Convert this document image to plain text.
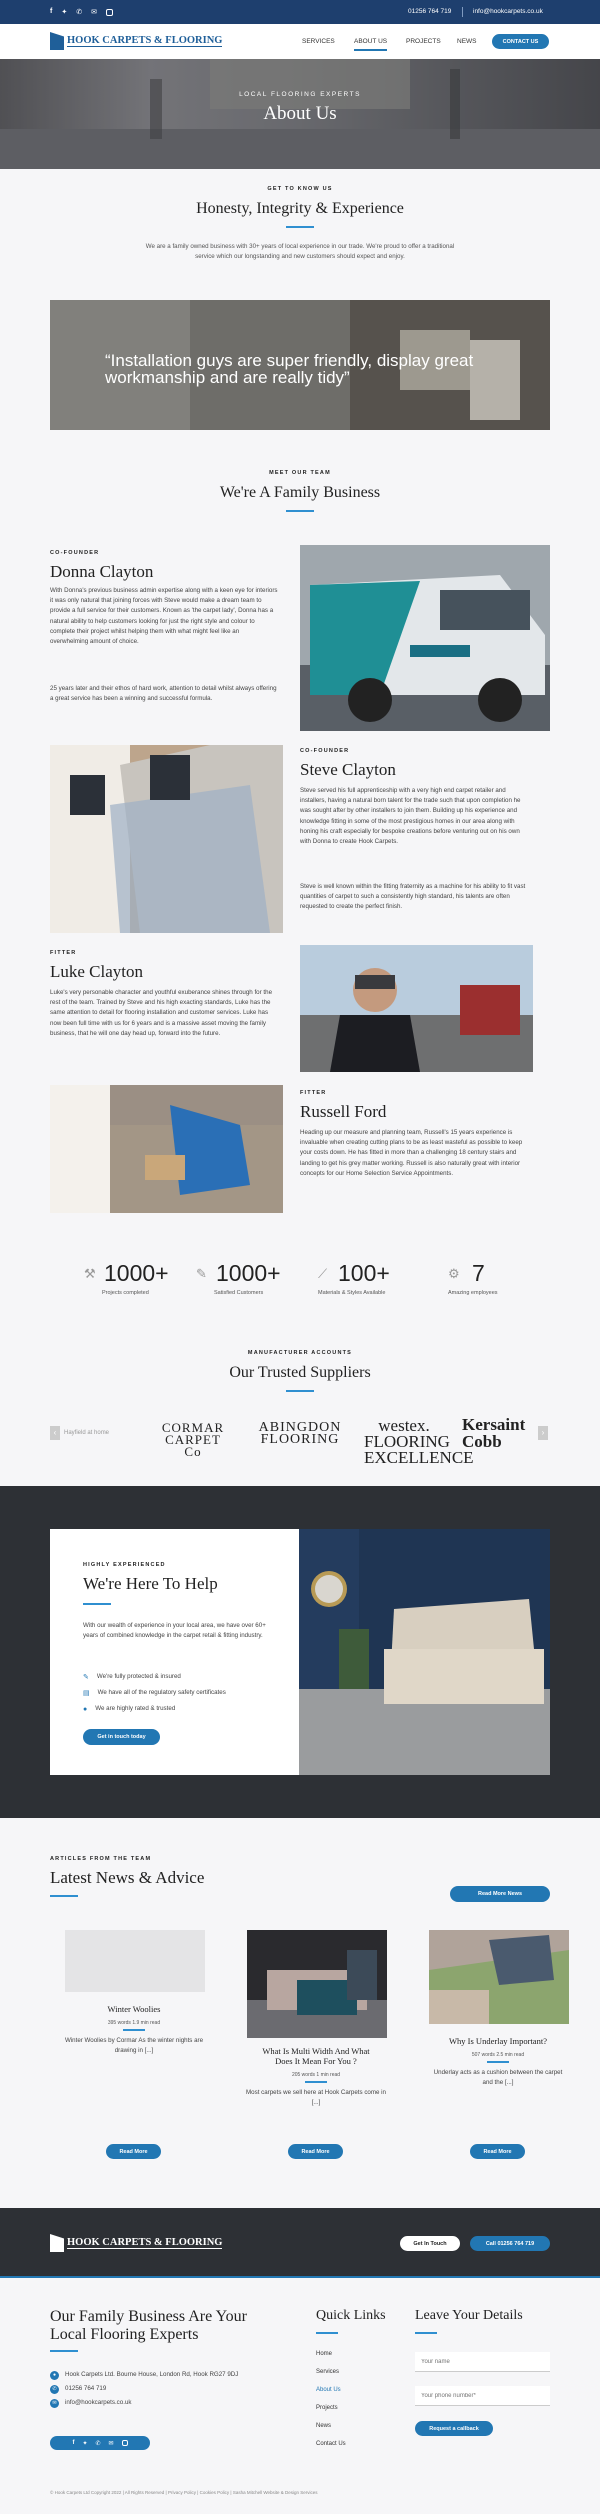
f ✦ ✆ ✉	01256 764 719	info@hookcarpets.co.uk
HOOK CARPETS & FLOORING	SERVICES	ABOUT US	PROJECTS	NEWS	CONTACT US
LOCAL FLOORING EXPERTS
About Us
GET TO KNOW US
Honesty, Integrity & Experience
We are a family owned business with 30+ years of local experience in our trade. We're proud to offer a traditional service which our longstanding and new customers should expect and enjoy.
“Installation guys are super friendly, display great workmanship and are really tidy”
MEET OUR TEAM
We're A Family Business
CO-FOUNDER
Donna Clayton
With Donna's previous business admin expertise along with a keen eye for interiors it was only natural that joining forces with Steve would make a dream team to provide a full service for their customers. Known as 'the carpet lady', Donna has a natural ability to help customers looking for just the right style and colour to complete their project whilst helping them with what might feel like an overwhelming amount of choice.
25 years later and their ethos of hard work, attention to detail whilst always offering a great service has been a winning and successful formula.
CO-FOUNDER
Steve Clayton
Steve served his full apprenticeship with a very high end carpet retailer and installers, having a natural born talent for the trade such that upon completion he was sought after by other installers to join them. Building up his experience and knowledge fitting in some of the most prestigious homes in our area along with honing his craft especially for bespoke creations before venturing out on his own with Donna to create Hook Carpets.
Steve is well known within the fitting fraternity as a machine for his ability to fit vast quantities of carpet to such a consistently high standard, his talents are often requested to create the perfect finish.
FITTER
Luke Clayton
Luke's very personable character and youthful exuberance shines through for the rest of the team. Trained by Steve and his high exacting standards, Luke has the same attention to detail for flooring installation and customer services. Luke has now been full time with us for 6 years and is a massive asset moving the family business, that he will one day head up, forward into the future.
FITTER
Russell Ford
Heading up our measure and planning team, Russell's 15 years experience is invaluable when creating cutting plans to be as least wasteful as possible to keep your costs down. He has fitted in more than a challenging 18 century stairs and landing to get his grey matter working. Russell is also naturally great with interior concepts for our Home Selection Service Appointments.
⚒ 1000+
Projects completed
✎ 1000+
Satisfied Customers
⟋ 100+
Materials & Styles Available
⚙ 7
Amazing employees
MANUFACTURER ACCOUNTS
Our Trusted Suppliers
‹	Hayfield at home	CORMAR CARPET Co
ABINGDON FLOORING
westex. FLOORING EXCELLENCE
Kersaint Cobb	›
HIGHLY EXPERIENCED
We're Here To Help
With our wealth of experience in your local area, we have over 60+ years of combined knowledge in the carpet retail & fitting industry.
✎ We're fully protected & insured
▤ We have all of the regulatory safety certificates
● We are highly rated & trusted
Get in touch today
ARTICLES FROM THE TEAM
Latest News & Advice
Read More News
Winter Woolies
395 words 1.9 min read
Winter Woolies by Cormar As the winter nights are drawing in [...]
Read More
What Is Multi Width And What Does It Mean For You ?
205 words 1 min read
Most carpets we sell here at Hook Carpets come in [...]
Read More
Why Is Underlay Important?
507 words 2.5 min read
Underlay acts as a cushion between the carpet and the [...]
Read More
HOOK CARPETS & FLOORING	Get In Touch	Call 01256 764 719
Our Family Business Are Your Local Flooring Experts
●	Hook Carpets Ltd. Bourne House, London Rd, Hook RG27 9DJ
✆	01256 764 719
✉	info@hookcarpets.co.uk
f ✦ ✆ ✉
Quick Links
Home
Services
About Us
Projects
News
Contact Us
Leave Your Details
Your name
Your phone number*
Request a callback
© Hook Carpets Ltd Copyright 2022 | All Rights Reserved | Privacy Policy | Cookies Policy | Sasha Mitchell Website & Design Services
